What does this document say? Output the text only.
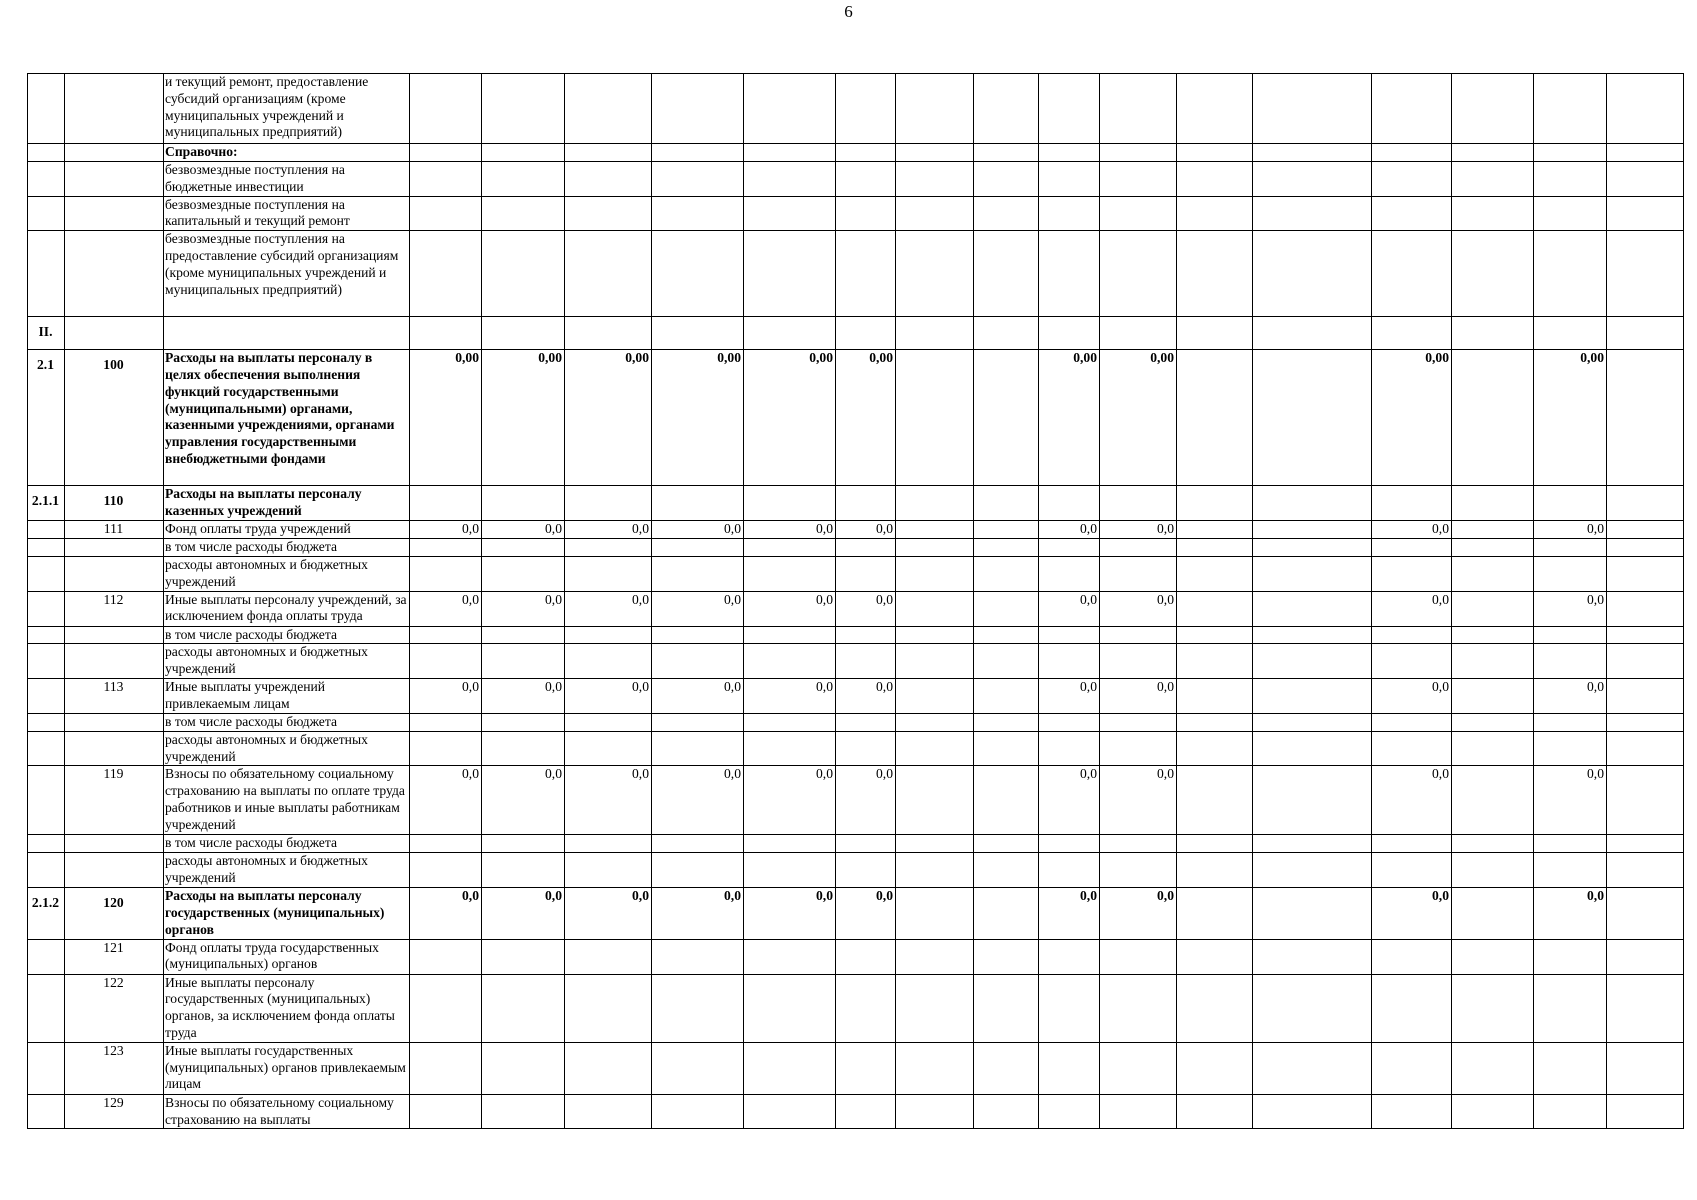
6
		и текущий ремонт, предоставление субсидий организациям (кроме муниципальных учреждений и муниципальных предприятий)																

		Справочно:																

		безвозмездные поступления на бюджетные инвестиции																

		безвозмездные поступления на капитальный и текущий ремонт																

		безвозмездные поступления на предоставление субсидий организациям (кроме муниципальных учреждений и муниципальных предприятий)																

II.																		

2.1	100	Расходы на выплаты персоналу в целях обеспечения выполнения функций государственными (муниципальными) органами, казенными учреждениями, органами управления государственными внебюджетными фондами	0,00	0,00	0,00	0,00	0,00	0,00			0,00	0,00			0,00		0,00	

2.1.1	110	Расходы на выплаты персоналу казенных учреждений																

	111	Фонд оплаты труда учреждений	0,0	0,0	0,0	0,0	0,0	0,0			0,0	0,0			0,0		0,0	

		в том числе расходы бюджета																

		расходы автономных и бюджетных учреждений																

	112	Иные выплаты персоналу учреждений, за исключением фонда оплаты труда	0,0	0,0	0,0	0,0	0,0	0,0			0,0	0,0			0,0		0,0	

		в том числе расходы бюджета																

		расходы автономных и бюджетных учреждений																

	113	Иные выплаты учреждений привлекаемым лицам	0,0	0,0	0,0	0,0	0,0	0,0			0,0	0,0			0,0		0,0	

		в том числе расходы бюджета																

		расходы автономных и бюджетных учреждений																

	119	Взносы по обязательному социальному страхованию на выплаты по оплате труда работников и иные выплаты работникам учреждений	0,0	0,0	0,0	0,0	0,0	0,0			0,0	0,0			0,0		0,0	

		в том числе расходы бюджета																

		расходы автономных и бюджетных учреждений																

2.1.2	120	Расходы на выплаты персоналу государственных (муниципальных) органов	0,0	0,0	0,0	0,0	0,0	0,0			0,0	0,0			0,0		0,0	

	121	Фонд оплаты труда государственных (муниципальных) органов																

	122	Иные выплаты персоналу государственных (муниципальных) органов, за исключением фонда оплаты труда																

	123	Иные выплаты государственных (муниципальных) органов привлекаемым лицам																

	129	Взносы по обязательному социальному страхованию на выплаты																
